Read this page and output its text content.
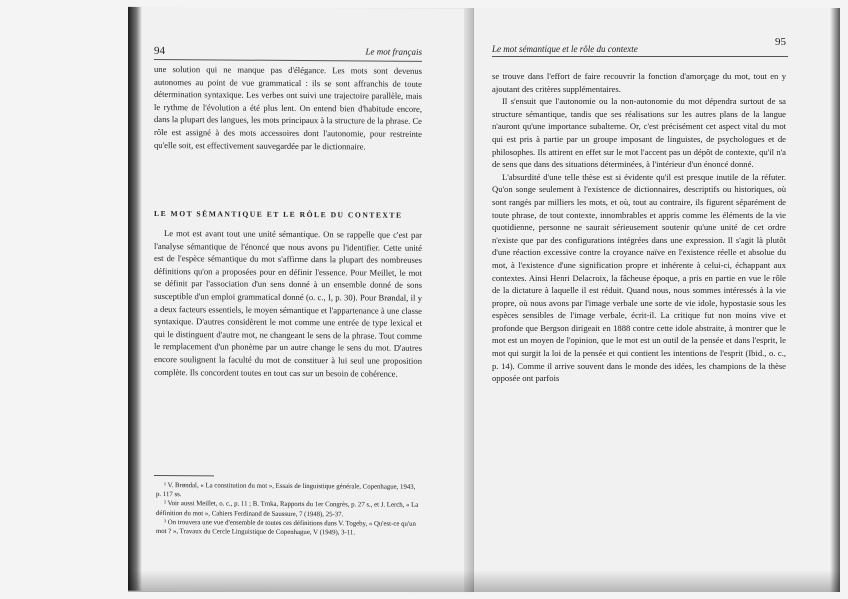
94	Le mot français

une solution qui ne manque pas d'élégance. Les mots sont devenus autonomes au point de vue grammatical : ils se sont affranchis de toute détermination syntaxique. Les verbes ont suivi une trajectoire parallèle, mais le rythme de l'évolution a été plus lent. On entend bien d'habitude encore, dans la plupart des langues, les mots principaux à la structure de la phrase. Ce rôle est assigné à des mots accessoires dont l'autonomie, pour restreinte qu'elle soit, est effectivement sauvegardée par le dictionnaire.

LE MOT SÉMANTIQUE ET LE RÔLE DU CONTEXTE

Le mot est avant tout une unité sémantique. On se rappelle que c'est par l'analyse sémantique de l'énoncé que nous avons pu l'identifier. Cette unité est de l'espèce sémantique du mot s'affirme dans la plupart des nombreuses définitions qu'on a proposées pour en définir l'essence. Pour Meillet, le mot se définit par l'association d'un sens donné à un ensemble donné de sons susceptible d'un emploi grammatical donné (o. c., I, p. 30). Pour Brøndal, il y a deux facteurs essentiels, le moyen sémantique et l'appartenance à une classe syntaxique. D'autres considèrent le mot comme une entrée de type lexical et qui le distinguent d'autre mot, ne changeant le sens de la phrase. Tout comme le remplacement d'un phonème par un autre change le sens du mot. D'autres encore soulignent la faculté du mot de constituer à lui seul une proposition complète. Ils concordent toutes en tout cas sur un besoin de cohérence.

¹ V. Brøndal, « La constitution du mot », Essais de linguistique générale, Copenhague, 1943, p. 117 ss.

² Voir aussi Meillet, o. c., p. 11 ; B. Trnka, Rapports du 1er Congrès, p. 27 s., et J. Lerch, « La définition du mot », Cahiers Ferdinand de Saussure, 7 (1948), 25-37.

³ On trouvera une vue d'ensemble de toutes ces définitions dans V. Togeby, « Qu'est-ce qu'un mot ? », Travaux du Cercle Linguistique de Copenhague, V (1949), 3-11.

Le mot sémantique et le rôle du contexte
95

se trouve dans l'effort de faire recouvrir la fonction d'amorçage du mot, tout en y ajoutant des critères supplémentaires.

Il s'ensuit que l'autonomie ou la non-autonomie du mot dépendra surtout de sa structure sémantique, tandis que ses réalisations sur les autres plans de la langue n'auront qu'une importance subalterne. Or, c'est précisément cet aspect vital du mot qui est pris à partie par un groupe imposant de linguistes, de psychologues et de philosophes. Ils attirent en effet sur le mot l'accent pas un dépôt de contexte, qu'il n'a de sens que dans des situations déterminées, à l'intérieur d'un énoncé donné.

L'absurdité d'une telle thèse est si évidente qu'il est presque inutile de la réfuter. Qu'on songe seulement à l'existence de dictionnaires, descriptifs ou historiques, où sont rangés par milliers les mots, et où, tout au contraire, ils figurent séparément de toute phrase, de tout contexte, innombrables et appris comme les éléments de la vie quotidienne, personne ne saurait sérieusement soutenir qu'une unité de cet ordre n'existe que par des configurations intégrées dans une expression. Il s'agit là plutôt d'une réaction excessive contre la croyance naïve en l'existence réelle et absolue du mot, à l'existence d'une signification propre et inhérente à celui-ci, échappant aux contextes. Ainsi Henri Delacroix, la fâcheuse époque, a pris en partie en vue le rôle de la dictature à laquelle il est réduit. Quand nous, nous sommes intéressés à la vie propre, où nous avons par l'image verbale une sorte de vie idole, hypostasie sous les espèces sensibles de l'image verbale, écrit-il. La critique fut non moins vive et profonde que Bergson dirigeait en 1888 contre cette idole abstraite, à montrer que le mot est un moyen de l'opinion, que le mot est un outil de la pensée et dans l'esprit, le mot qui surgit la loi de la pensée et qui contient les intentions de l'esprit (Ibid., o. c., p. 14). Comme il arrive souvent dans le monde des idées, les champions de la thèse opposée ont parfois
